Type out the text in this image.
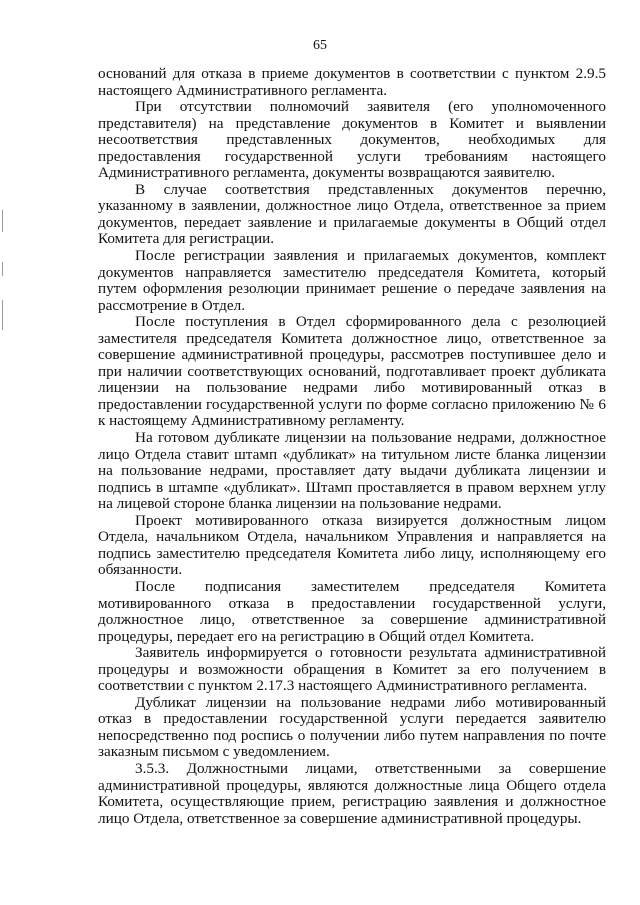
65

оснований для отказа в приеме документов в соответствии с пунктом 2.9.5 настоящего Административного регламента.

При отсутствии полномочий заявителя (его уполномоченного представителя) на представление документов в Комитет и выявлении несоответствия представленных документов, необходимых для предоставления государственной услуги требованиям настоящего Административного регламента, документы возвращаются заявителю.

В случае соответствия представленных документов перечню, указанному в заявлении, должностное лицо Отдела, ответственное за прием документов, передает заявление и прилагаемые документы в Общий отдел Комитета для регистрации.

После регистрации заявления и прилагаемых документов, комплект документов направляется заместителю председателя Комитета, который путем оформления резолюции принимает решение о передаче заявления на рассмотрение в Отдел.

После поступления в Отдел сформированного дела с резолюцией заместителя председателя Комитета должностное лицо, ответственное за совершение административной процедуры, рассмотрев поступившее дело и при наличии соответствующих оснований, подготавливает проект дубликата лицензии на пользование недрами либо мотивированный отказ в предоставлении государственной услуги по форме согласно приложению № 6 к настоящему Административному регламенту.

На готовом дубликате лицензии на пользование недрами, должностное лицо Отдела ставит штамп «дубликат» на титульном листе бланка лицензии на пользование недрами, проставляет дату выдачи дубликата лицензии и подпись в штампе «дубликат». Штамп проставляется в правом верхнем углу на лицевой стороне бланка лицензии на пользование недрами.

Проект мотивированного отказа визируется должностным лицом Отдела, начальником Отдела, начальником Управления и направляется на подпись заместителю председателя Комитета либо лицу, исполняющему его обязанности.

После подписания заместителем председателя Комитета мотивированного отказа в предоставлении государственной услуги, должностное лицо, ответственное за совершение административной процедуры, передает его на регистрацию в Общий отдел Комитета.

Заявитель информируется о готовности результата административной процедуры и возможности обращения в Комитет за его получением в соответствии с пунктом 2.17.3 настоящего Административного регламента.

Дубликат лицензии на пользование недрами либо мотивированный отказ в предоставлении государственной услуги передается заявителю непосредственно под роспись о получении либо путем направления по почте заказным письмом с уведомлением.

3.5.3. Должностными лицами, ответственными за совершение административной процедуры, являются должностные лица Общего отдела Комитета, осуществляющие прием, регистрацию заявления и должностное лицо Отдела, ответственное за совершение административной процедуры.
